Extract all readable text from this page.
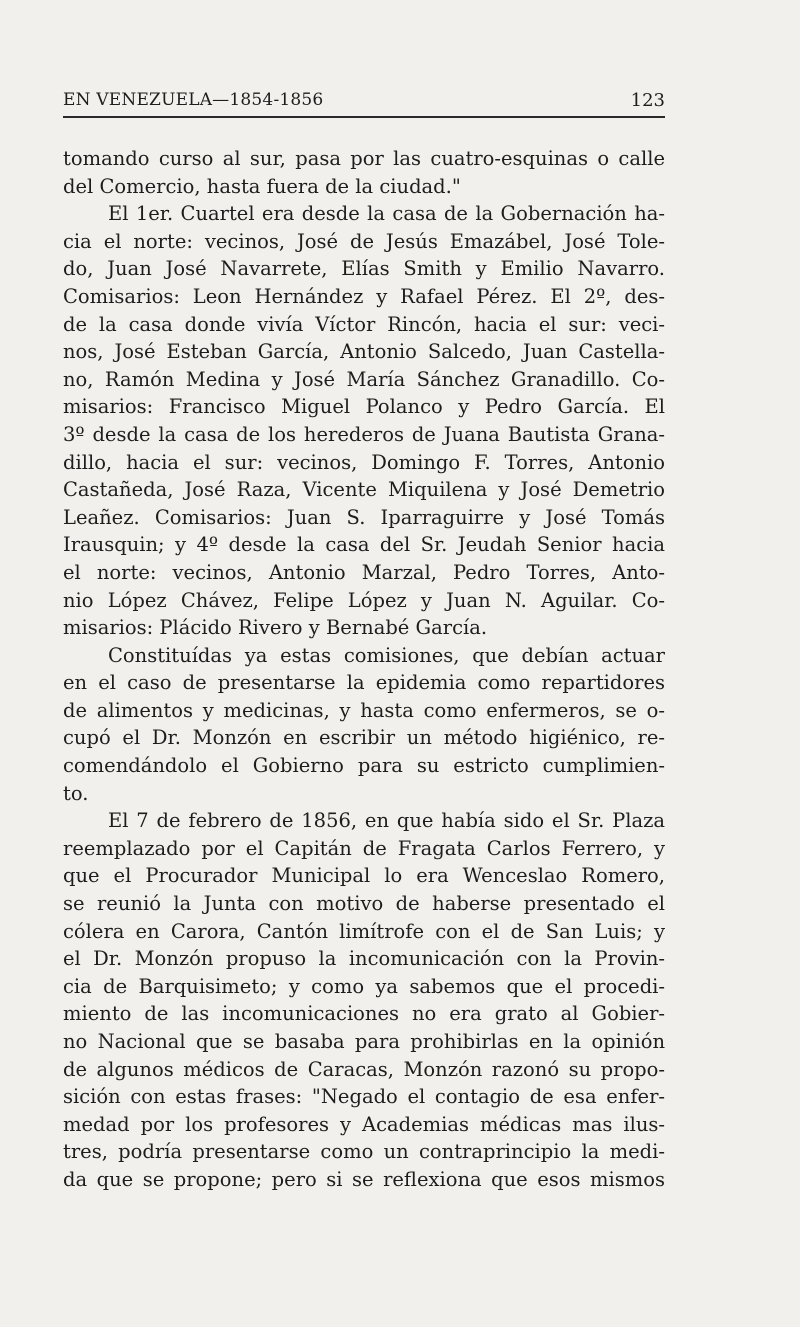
EN VENEZUELA—1854-1856	123
tomando curso al sur, pasa por las cuatro-esquinas o calle
del Comercio, hasta fuera de la ciudad."
El 1er. Cuartel era desde la casa de la Gobernación ha-
cia el norte: vecinos, José de Jesús Emazábel, José Tole-
do, Juan José Navarrete, Elías Smith y Emilio Navarro.
Comisarios: Leon Hernández y Rafael Pérez. El 2º, des-
de la casa donde vivía Víctor Rincón, hacia el sur: veci-
nos, José Esteban García, Antonio Salcedo, Juan Castella-
no, Ramón Medina y José María Sánchez Granadillo. Co-
misarios: Francisco Miguel Polanco y Pedro García. El
3º desde la casa de los herederos de Juana Bautista Grana-
dillo, hacia el sur: vecinos, Domingo F. Torres, Antonio
Castañeda, José Raza, Vicente Miquilena y José Demetrio
Leañez. Comisarios: Juan S. Iparraguirre y José Tomás
Irausquin; y 4º desde la casa del Sr. Jeudah Senior hacia
el norte: vecinos, Antonio Marzal, Pedro Torres, Anto-
nio López Chávez, Felipe López y Juan N. Aguilar. Co-
misarios: Plácido Rivero y Bernabé García.
Constituídas ya estas comisiones, que debían actuar
en el caso de presentarse la epidemia como repartidores
de alimentos y medicinas, y hasta como enfermeros, se o-
cupó el Dr. Monzón en escribir un método higiénico, re-
comendándolo el Gobierno para su estricto cumplimien-
to.
El 7 de febrero de 1856, en que había sido el Sr. Plaza
reemplazado por el Capitán de Fragata Carlos Ferrero, y
que el Procurador Municipal lo era Wenceslao Romero,
se reunió la Junta con motivo de haberse presentado el
cólera en Carora, Cantón limítrofe con el de San Luis; y
el Dr. Monzón propuso la incomunicación con la Provin-
cia de Barquisimeto; y como ya sabemos que el procedi-
miento de las incomunicaciones no era grato al Gobier-
no Nacional que se basaba para prohibirlas en la opinión
de algunos médicos de Caracas, Monzón razonó su propo-
sición con estas frases: "Negado el contagio de esa enfer-
medad por los profesores y Academias médicas mas ilus-
tres, podría presentarse como un contraprincipio la medi-
da que se propone; pero si se reflexiona que esos mismos
